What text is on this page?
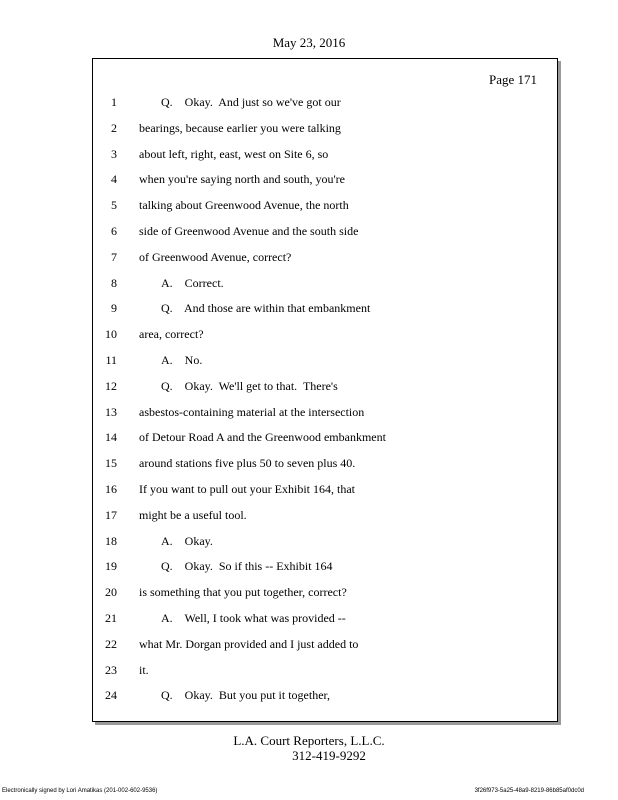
May 23, 2016
Page 171
1	Q.    Okay.  And just so we've got our
2 bearings, because earlier you were talking
3 about left, right, east, west on Site 6, so
4 when you're saying north and south, you're
5 talking about Greenwood Avenue, the north
6 side of Greenwood Avenue and the south side
7 of Greenwood Avenue, correct?
8	A.    Correct.
9	Q.    And those are within that embankment
10 area, correct?
11	A.    No.
12	Q.    Okay.  We'll get to that.  There's
13 asbestos-containing material at the intersection
14 of Detour Road A and the Greenwood embankment
15 around stations five plus 50 to seven plus 40.
16 If you want to pull out your Exhibit 164, that
17 might be a useful tool.
18	A.    Okay.
19	Q.    Okay.  So if this -- Exhibit 164
20 is something that you put together, correct?
21	A.    Well, I took what was provided --
22 what Mr. Dorgan provided and I just added to
23 it.
24	Q.    Okay.  But you put it together,
L.A. Court Reporters, L.L.C.
312-419-9292
Electronically signed by Lori Amatikas (201-002-602-9536)	3f26f973-5a25-48a9-8219-86b85af0dc0d
